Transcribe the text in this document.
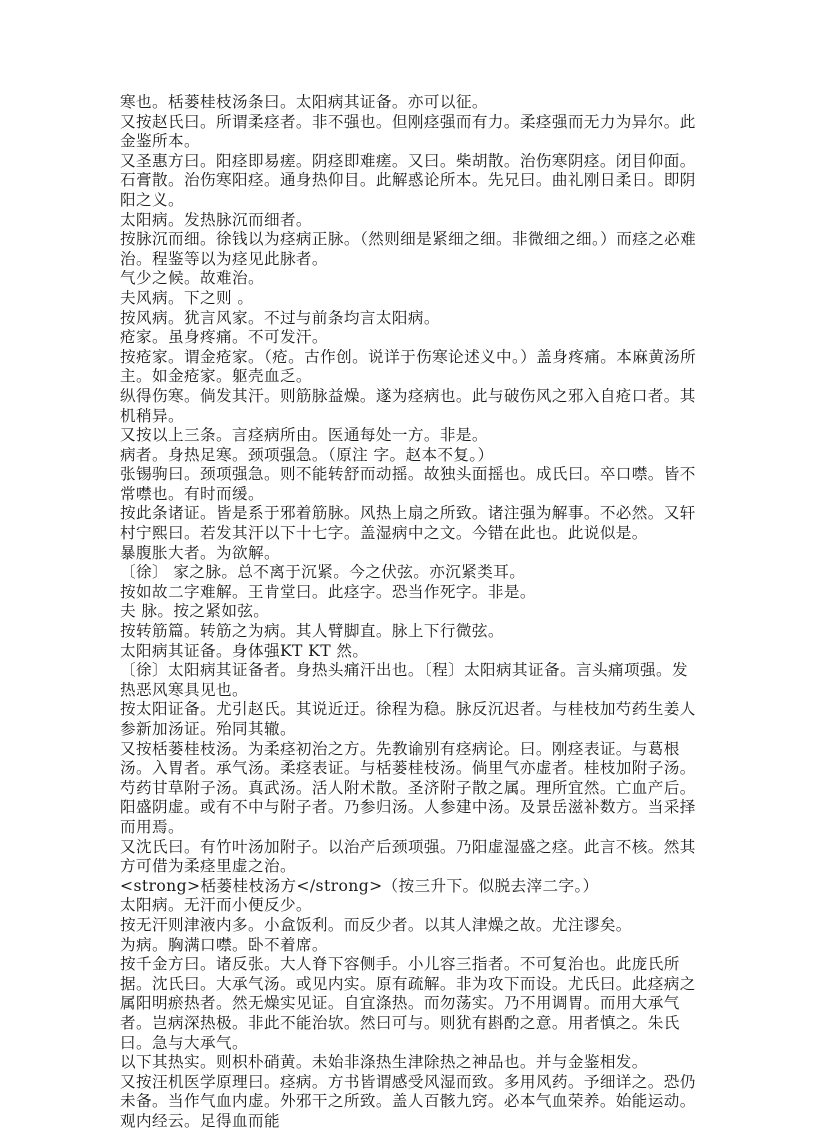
寒也。栝蒌桂枝汤条曰。太阳病其证备。亦可以征。

又按赵氏曰。所谓柔痉者。非不强也。但刚痉强而有力。柔痉强而无力为异尔。此金鉴所本。

又圣惠方曰。阳痉即易瘥。阴痉即难瘥。又曰。柴胡散。治伤寒阴痉。闭目仰面。石膏散。治伤寒阳痉。通身热仰目。此解惑论所本。先兄曰。曲礼刚日柔日。即阴阳之义。

太阳病。发热脉沉而细者。

按脉沉而细。徐钱以为痉病正脉。（然则细是紧细之细。非微细之细。）而痉之必难治。程鉴等以为痉见此脉者。

气少之候。故难治。

夫风病。下之则 。

按风病。犹言风家。不过与前条均言太阳病。

疮家。虽身疼痛。不可发汗。

按疮家。谓金疮家。（疮。古作创。说详于伤寒论述义中。）盖身疼痛。本麻黄汤所主。如金疮家。躯壳血乏。

纵得伤寒。倘发其汗。则筋脉益燥。遂为痉病也。此与破伤风之邪入自疮口者。其机稍异。

又按以上三条。言痉病所由。医通每处一方。非是。

病者。身热足寒。颈项强急。（原注 字。赵本不复。）

张锡驹曰。颈项强急。则不能转舒而动摇。故独头面摇也。成氏曰。卒口噤。皆不常噤也。有时而缓。

按此条诸证。皆是系于邪着筋脉。风热上扇之所致。诸注强为解事。不必然。又轩村宁熙曰。若发其汗以下十七字。盖湿病中之文。今错在此也。此说似是。

暴腹胀大者。为欲解。

〔徐〕 家之脉。总不离于沉紧。今之伏弦。亦沉紧类耳。

按如故二字难解。王肯堂曰。此痉字。恐当作死字。非是。

夫 脉。按之紧如弦。

按转筋篇。转筋之为病。其人臂脚直。脉上下行微弦。

太阳病其证备。身体强KT KT 然。

〔徐〕太阳病其证备者。身热头痛汗出也。〔程〕太阳病其证备。言头痛项强。发热恶风寒具见也。

按太阳证备。尤引赵氏。其说近迂。徐程为稳。脉反沉迟者。与桂枝加芍药生姜人参新加汤证。殆同其辙。

又按栝蒌桂枝汤。为柔痉初治之方。先教谕别有痉病论。曰。刚痉表证。与葛根汤。入胃者。承气汤。柔痉表证。与栝蒌桂枝汤。倘里气亦虚者。桂枝加附子汤。芍药甘草附子汤。真武汤。活人附术散。圣济附子散之属。理所宜然。亡血产后。阳盛阴虚。或有不中与附子者。乃参归汤。人参建中汤。及景岳滋补数方。当采择而用焉。

又沈氏曰。有竹叶汤加附子。以治产后颈项强。乃阳虚湿盛之痉。此言不核。然其方可借为柔痉里虚之治。

<strong>栝蒌桂枝汤方</strong>（按三升下。似脱去滓二字。）

太阳病。无汗而小便反少。

按无汗则津液内多。小盒饭利。而反少者。以其人津燥之故。尤注谬矣。

为病。胸满口噤。卧不着席。

按千金方曰。诸反张。大人脊下容侧手。小儿容三指者。不可复治也。此庞氏所据。沈氏曰。大承气汤。或见内实。原有疏解。非为攻下而设。尤氏曰。此痉病之属阳明瘀热者。然无燥实见证。自宜涤热。而勿荡实。乃不用调胃。而用大承气者。岂病深热极。非此不能治欤。然曰可与。则犹有斟酌之意。用者慎之。朱氏曰。急与大承气。

以下其热实。则枳朴硝黄。未始非涤热生津除热之神品也。并与金鉴相发。

又按汪机医学原理曰。痉病。方书皆谓感受风湿而致。多用风药。予细详之。恐仍未备。当作气血内虚。外邪干之所致。盖人百骸九窍。必本气血荣养。始能运动。观内经云。足得血而能
